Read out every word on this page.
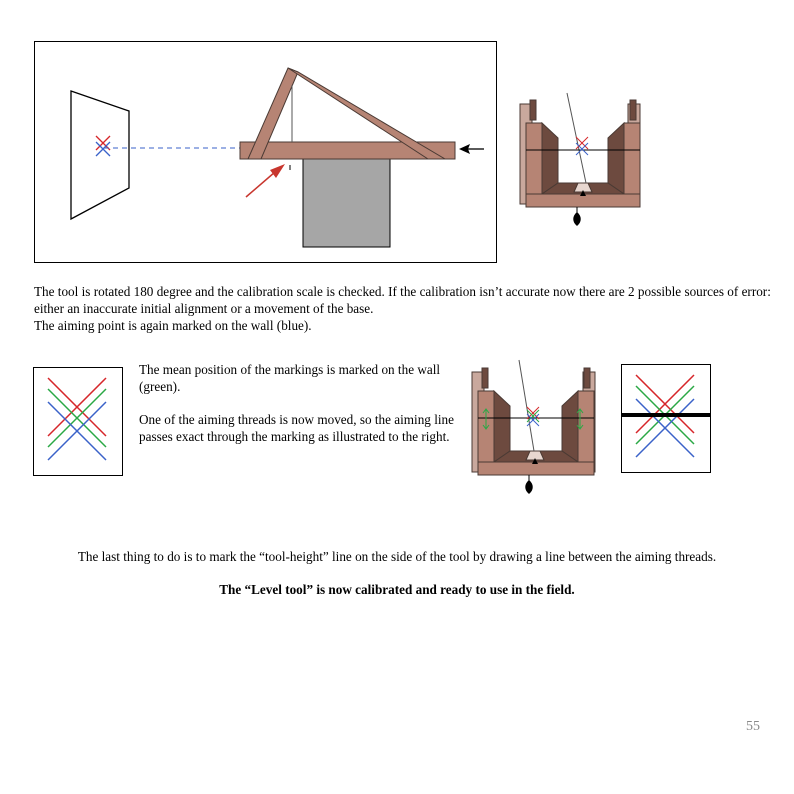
The tool is rotated 180 degree and the calibration scale is checked. If the calibration isn’t accurate now there are 2 possible sources of error: either an inaccurate initial alignment or a movement of the base.
The aiming point is again marked on the wall (blue).

The mean position of the markings is marked on the wall (green).

One of the aiming threads is now moved, so the aiming line passes exact through the marking as illustrated to the right.

The last thing to do is to mark the “tool-height” line on the side of the tool by drawing a line between the aiming threads.

The “Level tool” is now calibrated and ready to use in the field.

55
